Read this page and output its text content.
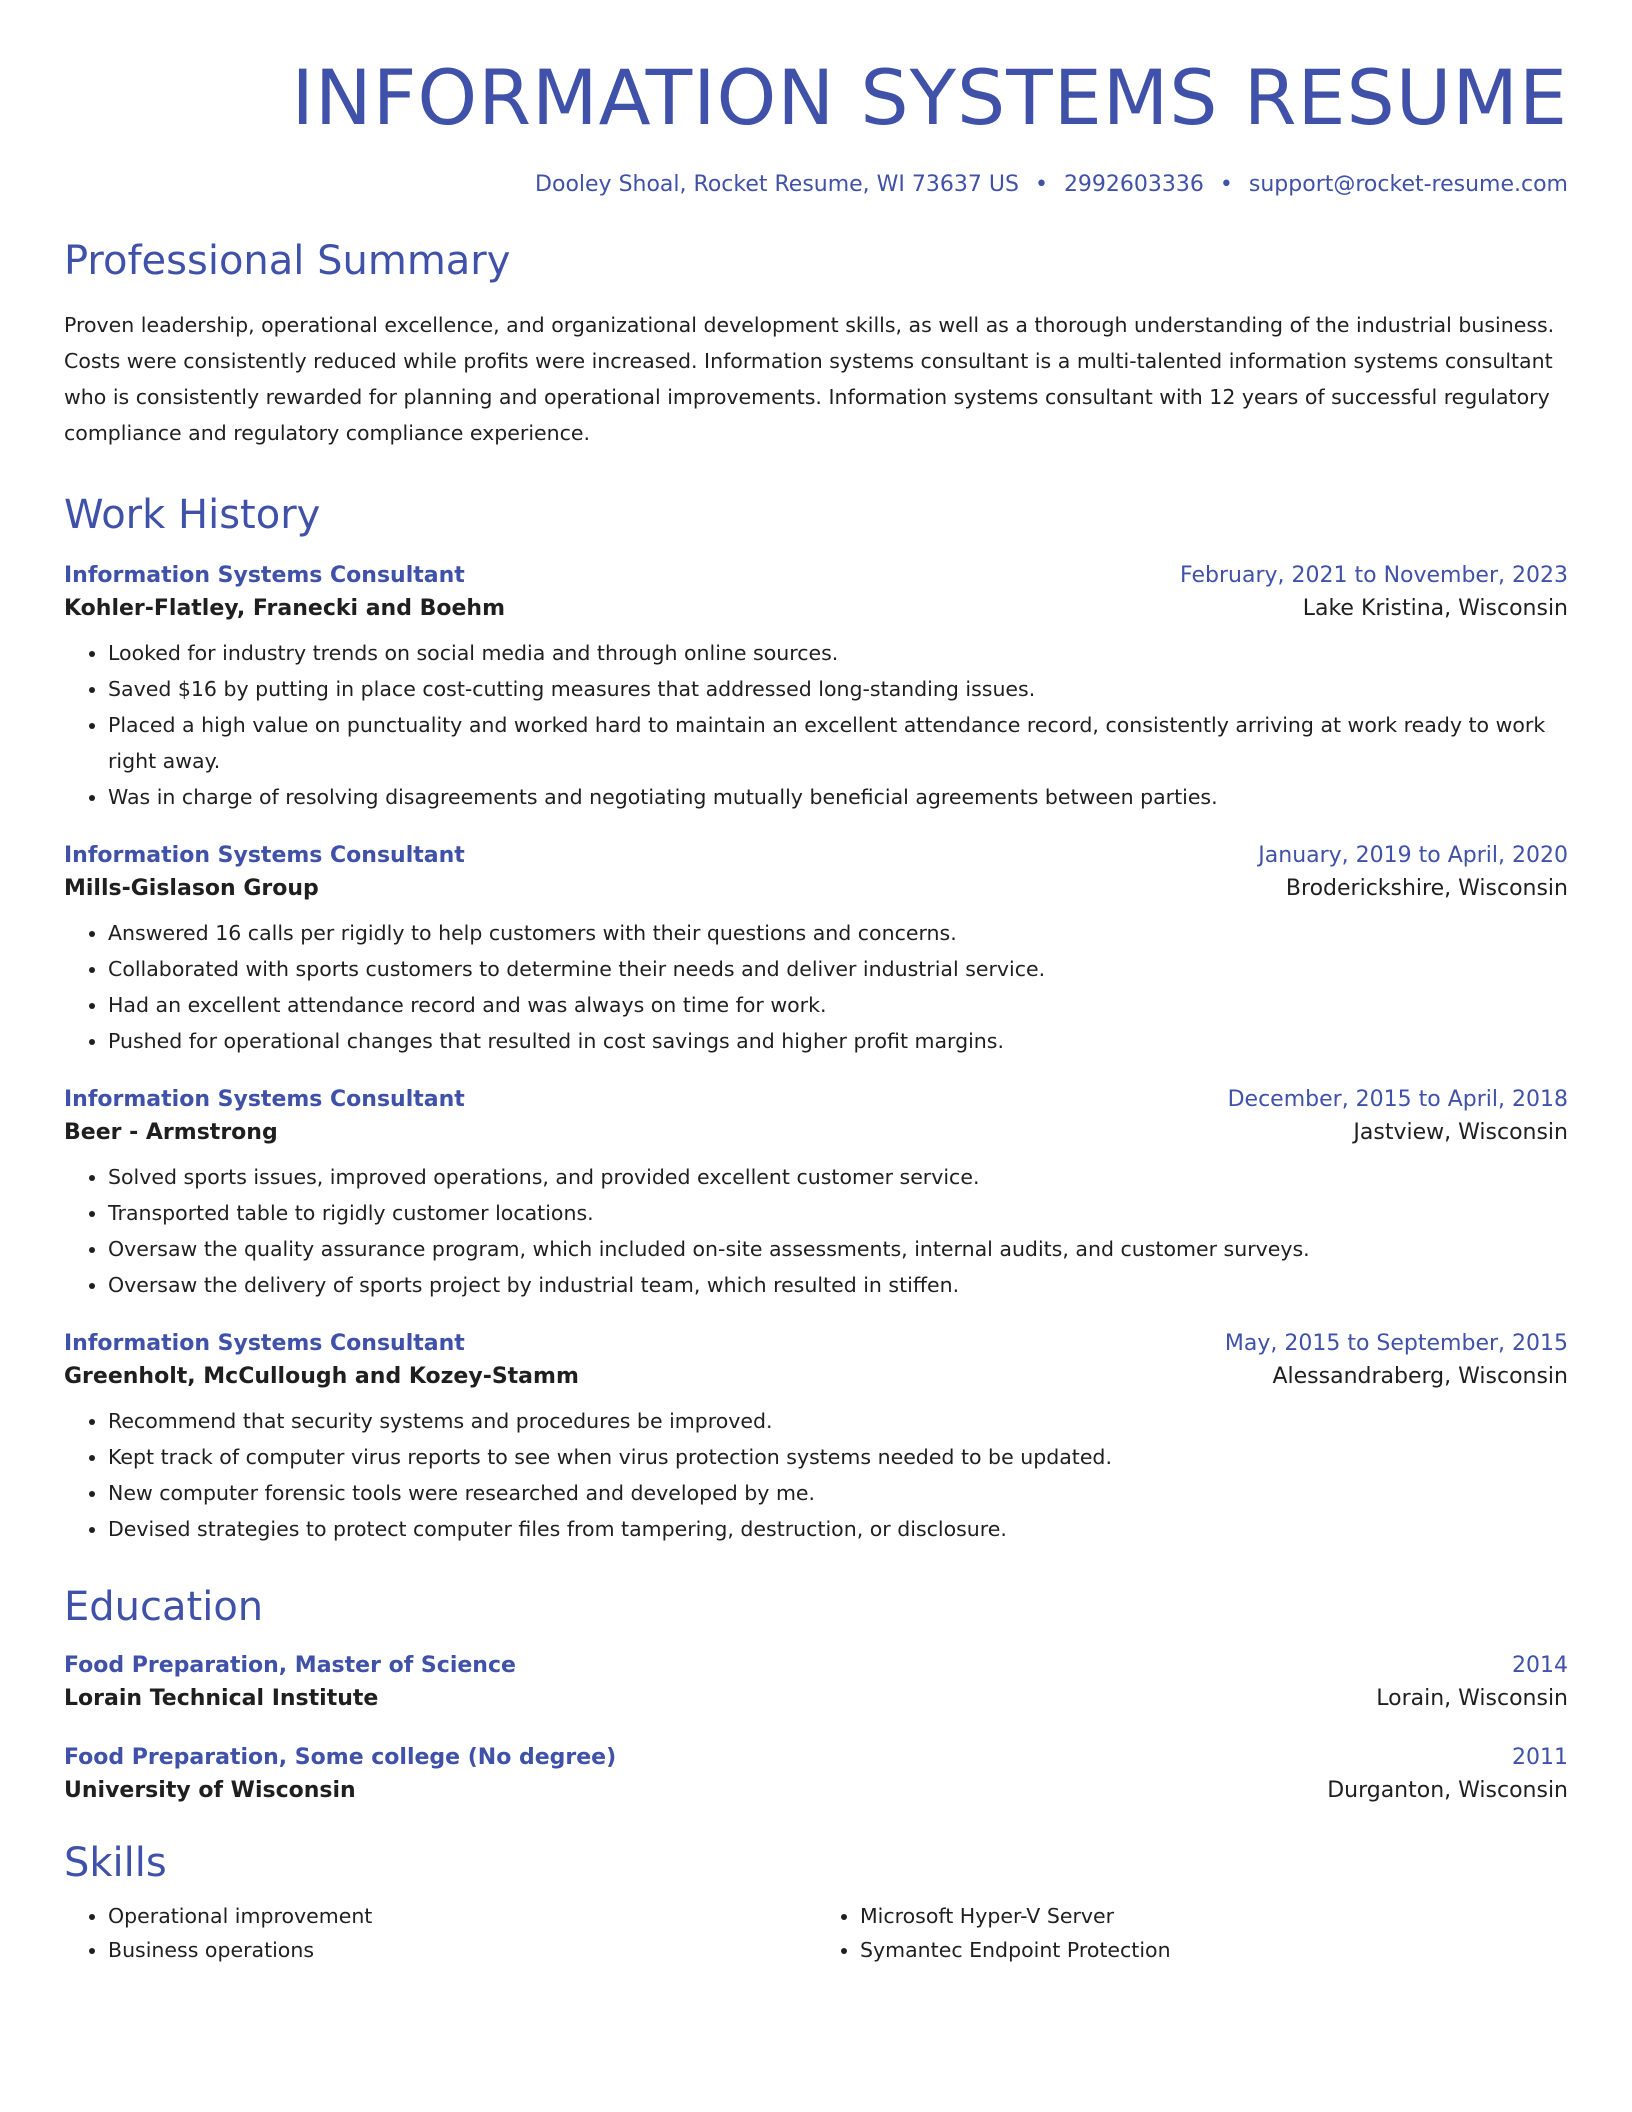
INFORMATION SYSTEMS RESUME
Dooley Shoal, Rocket Resume, WI 73637 US • 2992603336 • support@rocket-resume.com
Professional Summary

Proven leadership, operational excellence, and organizational development skills, as well as a thorough understanding of the industrial business. Costs were consistently reduced while profits were increased. Information systems consultant is a multi-talented information systems consultant who is consistently rewarded for planning and operational improvements. Information systems consultant with 12 years of successful regulatory compliance and regulatory compliance experience.

Work History
Information Systems Consultant	February, 2021 to November, 2023
Kohler-Flatley, Franecki and Boehm	Lake Kristina, Wisconsin
• Looked for industry trends on social media and through online sources.
• Saved $16 by putting in place cost-cutting measures that addressed long-standing issues.
• Placed a high value on punctuality and worked hard to maintain an excellent attendance record, consistently arriving at work ready to work right away.
• Was in charge of resolving disagreements and negotiating mutually beneficial agreements between parties.
Information Systems Consultant	January, 2019 to April, 2020
Mills-Gislason Group	Broderickshire, Wisconsin
• Answered 16 calls per rigidly to help customers with their questions and concerns.
• Collaborated with sports customers to determine their needs and deliver industrial service.
• Had an excellent attendance record and was always on time for work.
• Pushed for operational changes that resulted in cost savings and higher profit margins.
Information Systems Consultant	December, 2015 to April, 2018
Beer - Armstrong	Jastview, Wisconsin
• Solved sports issues, improved operations, and provided excellent customer service.
• Transported table to rigidly customer locations.
• Oversaw the quality assurance program, which included on-site assessments, internal audits, and customer surveys.
• Oversaw the delivery of sports project by industrial team, which resulted in stiffen.
Information Systems Consultant	May, 2015 to September, 2015
Greenholt, McCullough and Kozey-Stamm	Alessandraberg, Wisconsin
• Recommend that security systems and procedures be improved.
• Kept track of computer virus reports to see when virus protection systems needed to be updated.
• New computer forensic tools were researched and developed by me.
• Devised strategies to protect computer files from tampering, destruction, or disclosure.
Education
Food Preparation, Master of Science	2014
Lorain Technical Institute	Lorain, Wisconsin
Food Preparation, Some college (No degree)	2011
University of Wisconsin	Durganton, Wisconsin
Skills
• Operational improvement
• Business operations
• Microsoft Hyper-V Server
• Symantec Endpoint Protection
